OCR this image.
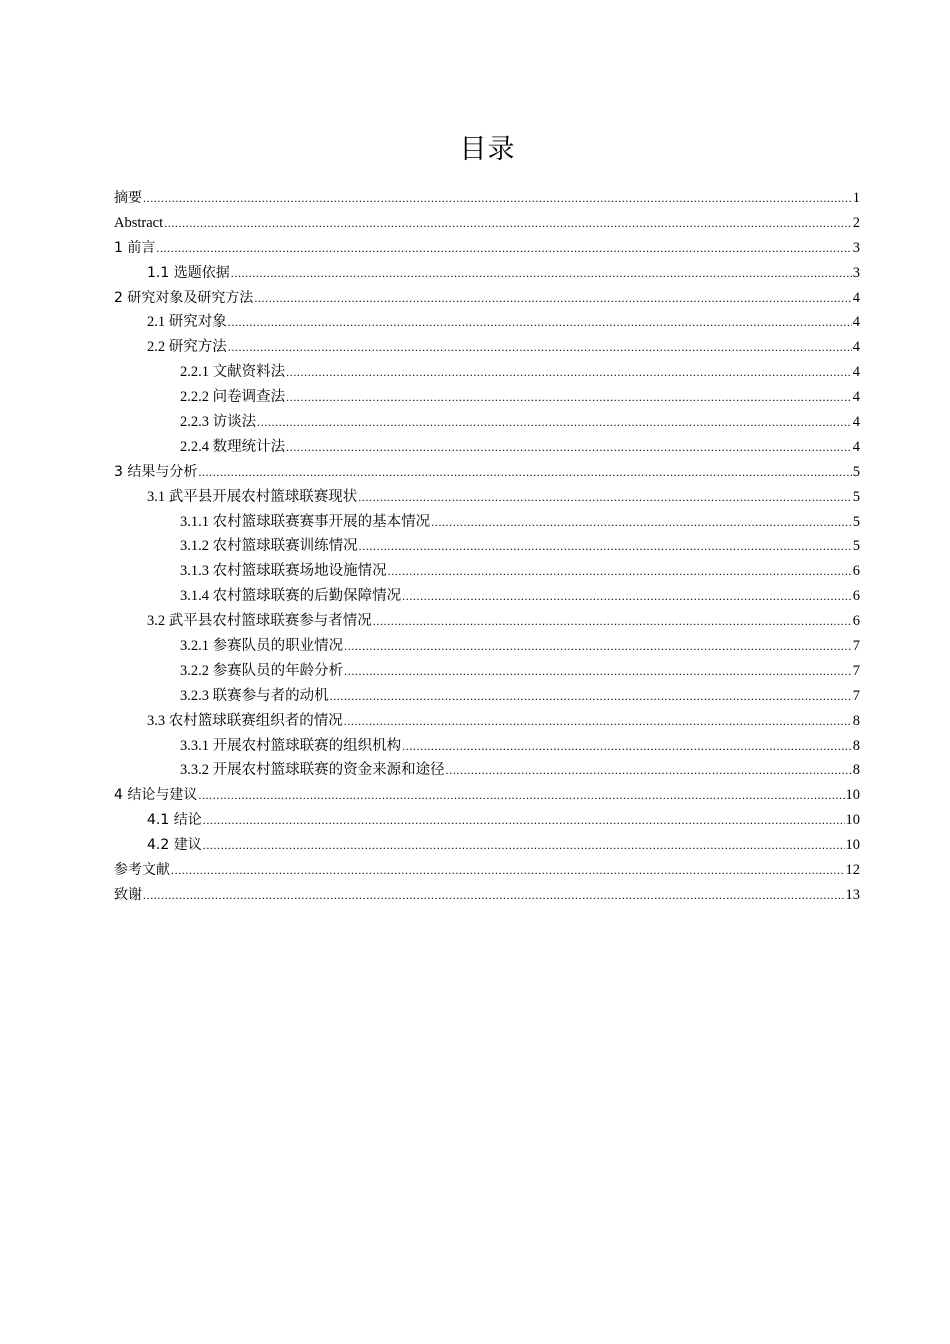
目录
摘要 .....	1
Abstract .....	2
1 前言 .....	3
1.1 选题依据 .....	3
2 研究对象及研究方法 .....	4
2.1 研究对象 .....	4
2.2 研究方法 .....	4
2.2.1 文献资料法 .....	4
2.2.2 问卷调查法 .....	4
2.2.3 访谈法 .....	4
2.2.4 数理统计法 .....	4
3 结果与分析 .....	5
3.1 武平县开展农村篮球联赛现状 .....	5
3.1.1 农村篮球联赛赛事开展的基本情况 .....	5
3.1.2 农村篮球联赛训练情况 .....	5
3.1.3 农村篮球联赛场地设施情况 .....	6
3.1.4 农村篮球联赛的后勤保障情况 .....	6
3.2 武平县农村篮球联赛参与者情况 .....	6
3.2.1 参赛队员的职业情况 .....	7
3.2.2 参赛队员的年龄分析 .....	7
3.2.3 联赛参与者的动机 .....	7
3.3 农村篮球联赛组织者的情况 .....	8
3.3.1 开展农村篮球联赛的组织机构 .....	8
3.3.2 开展农村篮球联赛的资金来源和途径 .....	8
4 结论与建议 .....	10
4.1 结论 .....	10
4.2 建议 .....	10
参考文献 .....	12
致谢 .....	13
